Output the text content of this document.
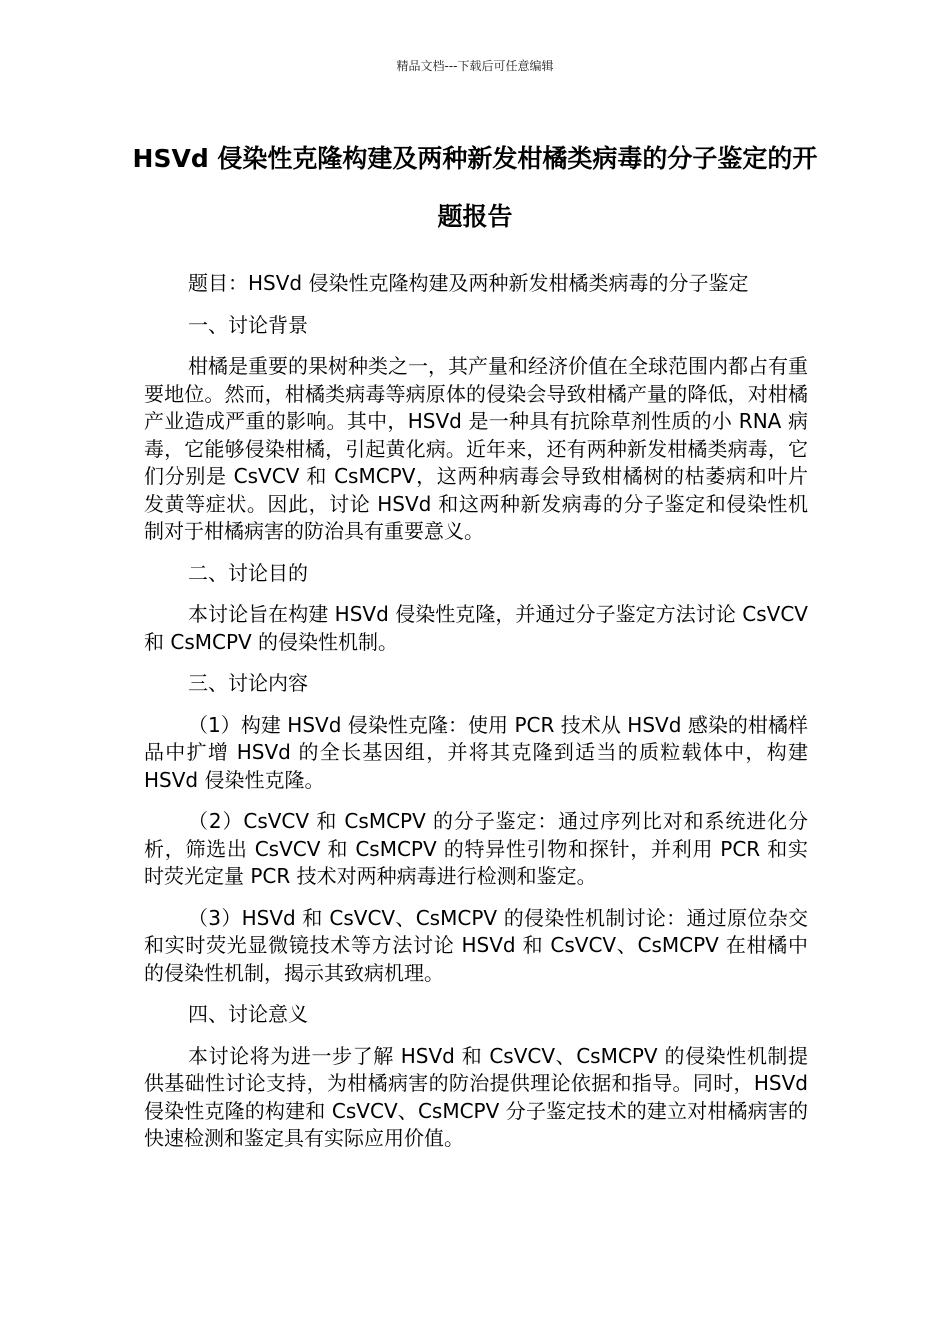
精品文档---下载后可任意编辑
HSVd 侵染性克隆构建及两种新发柑橘类病毒的分子鉴定的开题报告

题目：HSVd 侵染性克隆构建及两种新发柑橘类病毒的分子鉴定

一、讨论背景

柑橘是重要的果树种类之一，其产量和经济价值在全球范围内都占有重要地位。然而，柑橘类病毒等病原体的侵染会导致柑橘产量的降低，对柑橘产业造成严重的影响。其中，HSVd 是一种具有抗除草剂性质的小 RNA 病毒，它能够侵染柑橘，引起黄化病。近年来，还有两种新发柑橘类病毒，它们分别是 CsVCV 和 CsMCPV，这两种病毒会导致柑橘树的枯萎病和叶片发黄等症状。因此，讨论 HSVd 和这两种新发病毒的分子鉴定和侵染性机制对于柑橘病害的防治具有重要意义。

二、讨论目的

本讨论旨在构建 HSVd 侵染性克隆，并通过分子鉴定方法讨论 CsVCV 和 CsMCPV 的侵染性机制。

三、讨论内容

（1）构建 HSVd 侵染性克隆：使用 PCR 技术从 HSVd 感染的柑橘样品中扩增 HSVd 的全长基因组，并将其克隆到适当的质粒载体中，构建 HSVd 侵染性克隆。

（2）CsVCV 和 CsMCPV 的分子鉴定：通过序列比对和系统进化分析，筛选出 CsVCV 和 CsMCPV 的特异性引物和探针，并利用 PCR 和实时荧光定量 PCR 技术对两种病毒进行检测和鉴定。

（3）HSVd 和 CsVCV、CsMCPV 的侵染性机制讨论：通过原位杂交和实时荧光显微镜技术等方法讨论 HSVd 和 CsVCV、CsMCPV 在柑橘中的侵染性机制，揭示其致病机理。

四、讨论意义

本讨论将为进一步了解 HSVd 和 CsVCV、CsMCPV 的侵染性机制提供基础性讨论支持，为柑橘病害的防治提供理论依据和指导。同时，HSVd 侵染性克隆的构建和 CsVCV、CsMCPV 分子鉴定技术的建立对柑橘病害的快速检测和鉴定具有实际应用价值。
